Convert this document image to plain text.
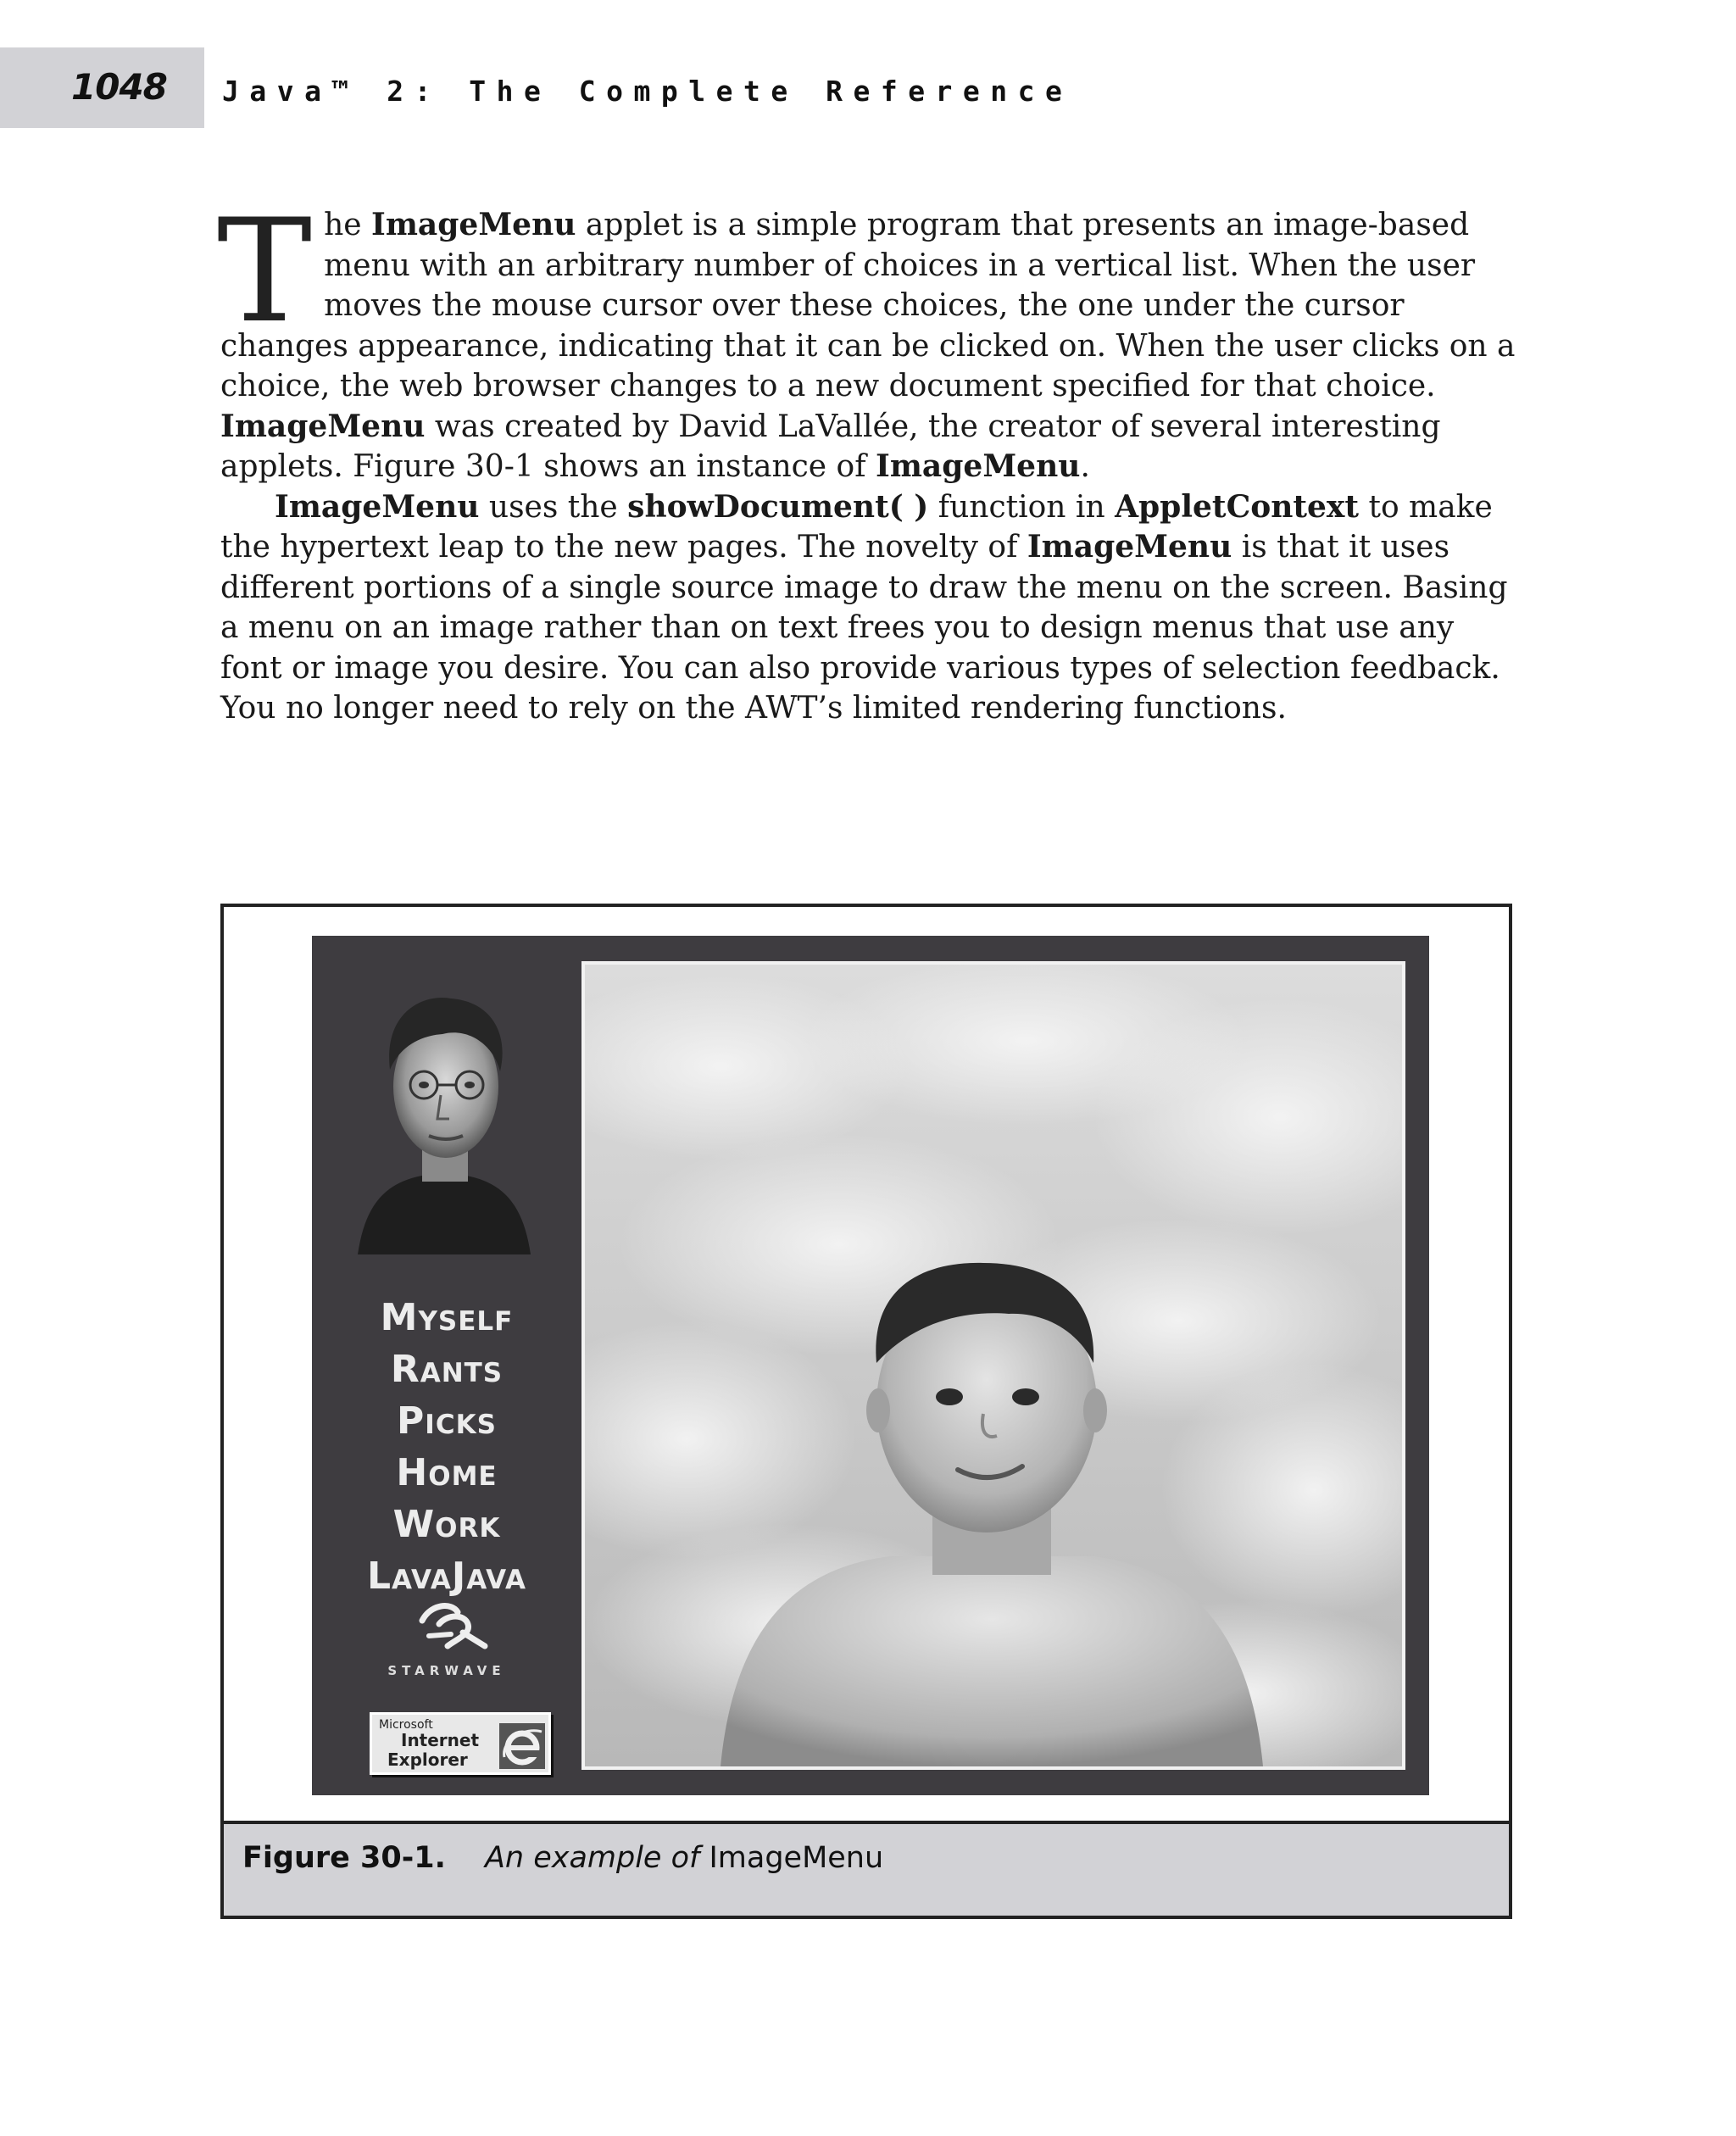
1048 Java™ 2: The Complete Reference

The ImageMenu applet is a simple program that presents an image-based menu with an arbitrary number of choices in a vertical list. When the user moves the mouse cursor over these choices, the one under the cursor changes appearance, indicating that it can be clicked on. When the user clicks on a choice, the web browser changes to a new document specified for that choice. ImageMenu was created by David LaVallée, the creator of several interesting applets. Figure 30-1 shows an instance of ImageMenu.

ImageMenu uses the showDocument( ) function in AppletContext to make the hypertext leap to the new pages. The novelty of ImageMenu is that it uses different portions of a single source image to draw the menu on the screen. Basing a menu on an image rather than on text frees you to design menus that use any font or image you desire. You can also provide various types of selection feedback. You no longer need to rely on the AWT’s limited rendering functions.

Myself
Rants
Picks
Home
Work
LavaJava
STARWAVE
Microsoft
Internet
Explorer
Figure 30-1. An example of ImageMenu
